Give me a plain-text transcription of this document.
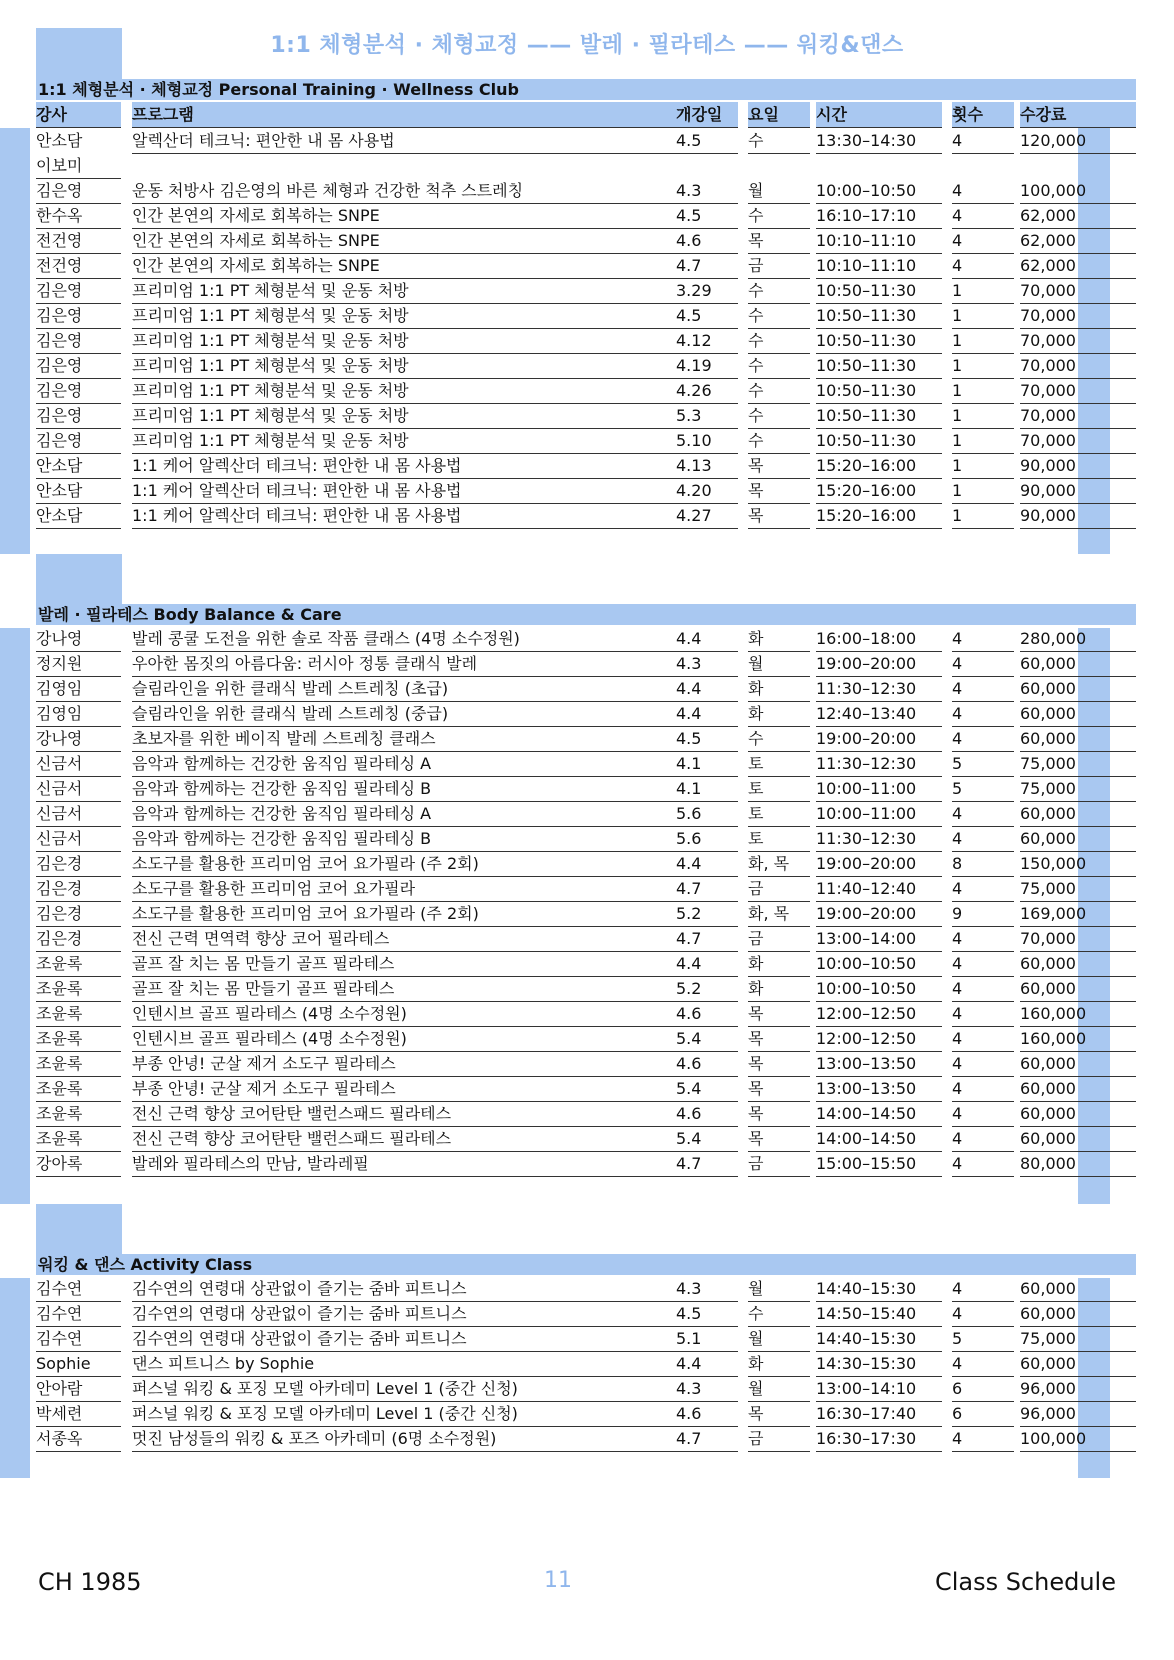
1:1 체형분석 · 체형교정 —— 발레 · 필라테스 —— 워킹&댄스
1:1 체형분석 · 체형교정 Personal Training · Wellness Club
강사	프로그램	개강일	요일	시간	횟수	수강료
안소담	알렉산더 테크닉: 편안한 내 몸 사용법	4.5	수	13:30–14:30	4	120,000
이보미
김은영	운동 처방사 김은영의 바른 체형과 건강한 척추 스트레칭	4.3	월	10:00–10:50	4	100,000
한수옥	인간 본연의 자세로 회복하는 SNPE	4.5	수	16:10–17:10	4	62,000
전건영	인간 본연의 자세로 회복하는 SNPE	4.6	목	10:10–11:10	4	62,000
전건영	인간 본연의 자세로 회복하는 SNPE	4.7	금	10:10–11:10	4	62,000
김은영	프리미엄 1:1 PT 체형분석 및 운동 처방	3.29	수	10:50–11:30	1	70,000
김은영	프리미엄 1:1 PT 체형분석 및 운동 처방	4.5	수	10:50–11:30	1	70,000
김은영	프리미엄 1:1 PT 체형분석 및 운동 처방	4.12	수	10:50–11:30	1	70,000
김은영	프리미엄 1:1 PT 체형분석 및 운동 처방	4.19	수	10:50–11:30	1	70,000
김은영	프리미엄 1:1 PT 체형분석 및 운동 처방	4.26	수	10:50–11:30	1	70,000
김은영	프리미엄 1:1 PT 체형분석 및 운동 처방	5.3	수	10:50–11:30	1	70,000
김은영	프리미엄 1:1 PT 체형분석 및 운동 처방	5.10	수	10:50–11:30	1	70,000
안소담	1:1 케어 알렉산더 테크닉: 편안한 내 몸 사용법	4.13	목	15:20–16:00	1	90,000
안소담	1:1 케어 알렉산더 테크닉: 편안한 내 몸 사용법	4.20	목	15:20–16:00	1	90,000
안소담	1:1 케어 알렉산더 테크닉: 편안한 내 몸 사용법	4.27	목	15:20–16:00	1	90,000
발레 · 필라테스 Body Balance & Care
강나영	발레 콩쿨 도전을 위한 솔로 작품 클래스 (4명 소수정원)	4.4	화	16:00–18:00	4	280,000
정지원	우아한 몸짓의 아름다움: 러시아 정통 클래식 발레	4.3	월	19:00–20:00	4	60,000
김영임	슬림라인을 위한 클래식 발레 스트레칭 (초급)	4.4	화	11:30–12:30	4	60,000
김영임	슬림라인을 위한 클래식 발레 스트레칭 (중급)	4.4	화	12:40–13:40	4	60,000
강나영	초보자를 위한 베이직 발레 스트레칭 클래스	4.5	수	19:00–20:00	4	60,000
신금서	음악과 함께하는 건강한 움직임 필라테싱 A	4.1	토	11:30–12:30	5	75,000
신금서	음악과 함께하는 건강한 움직임 필라테싱 B	4.1	토	10:00–11:00	5	75,000
신금서	음악과 함께하는 건강한 움직임 필라테싱 A	5.6	토	10:00–11:00	4	60,000
신금서	음악과 함께하는 건강한 움직임 필라테싱 B	5.6	토	11:30–12:30	4	60,000
김은경	소도구를 활용한 프리미엄 코어 요가필라 (주 2회)	4.4	화, 목	19:00–20:00	8	150,000
김은경	소도구를 활용한 프리미엄 코어 요가필라	4.7	금	11:40–12:40	4	75,000
김은경	소도구를 활용한 프리미엄 코어 요가필라 (주 2회)	5.2	화, 목	19:00–20:00	9	169,000
김은경	전신 근력 면역력 향상 코어 필라테스	4.7	금	13:00–14:00	4	70,000
조윤록	골프 잘 치는 몸 만들기 골프 필라테스	4.4	화	10:00–10:50	4	60,000
조윤록	골프 잘 치는 몸 만들기 골프 필라테스	5.2	화	10:00–10:50	4	60,000
조윤록	인텐시브 골프 필라테스 (4명 소수정원)	4.6	목	12:00–12:50	4	160,000
조윤록	인텐시브 골프 필라테스 (4명 소수정원)	5.4	목	12:00–12:50	4	160,000
조윤록	부종 안녕! 군살 제거 소도구 필라테스	4.6	목	13:00–13:50	4	60,000
조윤록	부종 안녕! 군살 제거 소도구 필라테스	5.4	목	13:00–13:50	4	60,000
조윤록	전신 근력 향상 코어탄탄 밸런스패드 필라테스	4.6	목	14:00–14:50	4	60,000
조윤록	전신 근력 향상 코어탄탄 밸런스패드 필라테스	5.4	목	14:00–14:50	4	60,000
강아록	발레와 필라테스의 만남, 발라레필	4.7	금	15:00–15:50	4	80,000
워킹 & 댄스 Activity Class
김수연	김수연의 연령대 상관없이 즐기는 줌바 피트니스	4.3	월	14:40–15:30	4	60,000
김수연	김수연의 연령대 상관없이 즐기는 줌바 피트니스	4.5	수	14:50–15:40	4	60,000
김수연	김수연의 연령대 상관없이 즐기는 줌바 피트니스	5.1	월	14:40–15:30	5	75,000
Sophie	댄스 피트니스 by Sophie	4.4	화	14:30–15:30	4	60,000
안아람	퍼스널 워킹 & 포징 모델 아카데미 Level 1 (중간 신청)	4.3	월	13:00–14:10	6	96,000
박세련	퍼스널 워킹 & 포징 모델 아카데미 Level 1 (중간 신청)	4.6	목	16:30–17:40	6	96,000
서종옥	멋진 남성들의 워킹 & 포즈 아카데미 (6명 소수정원)	4.7	금	16:30–17:30	4	100,000
CH 1985	11	Class Schedule
